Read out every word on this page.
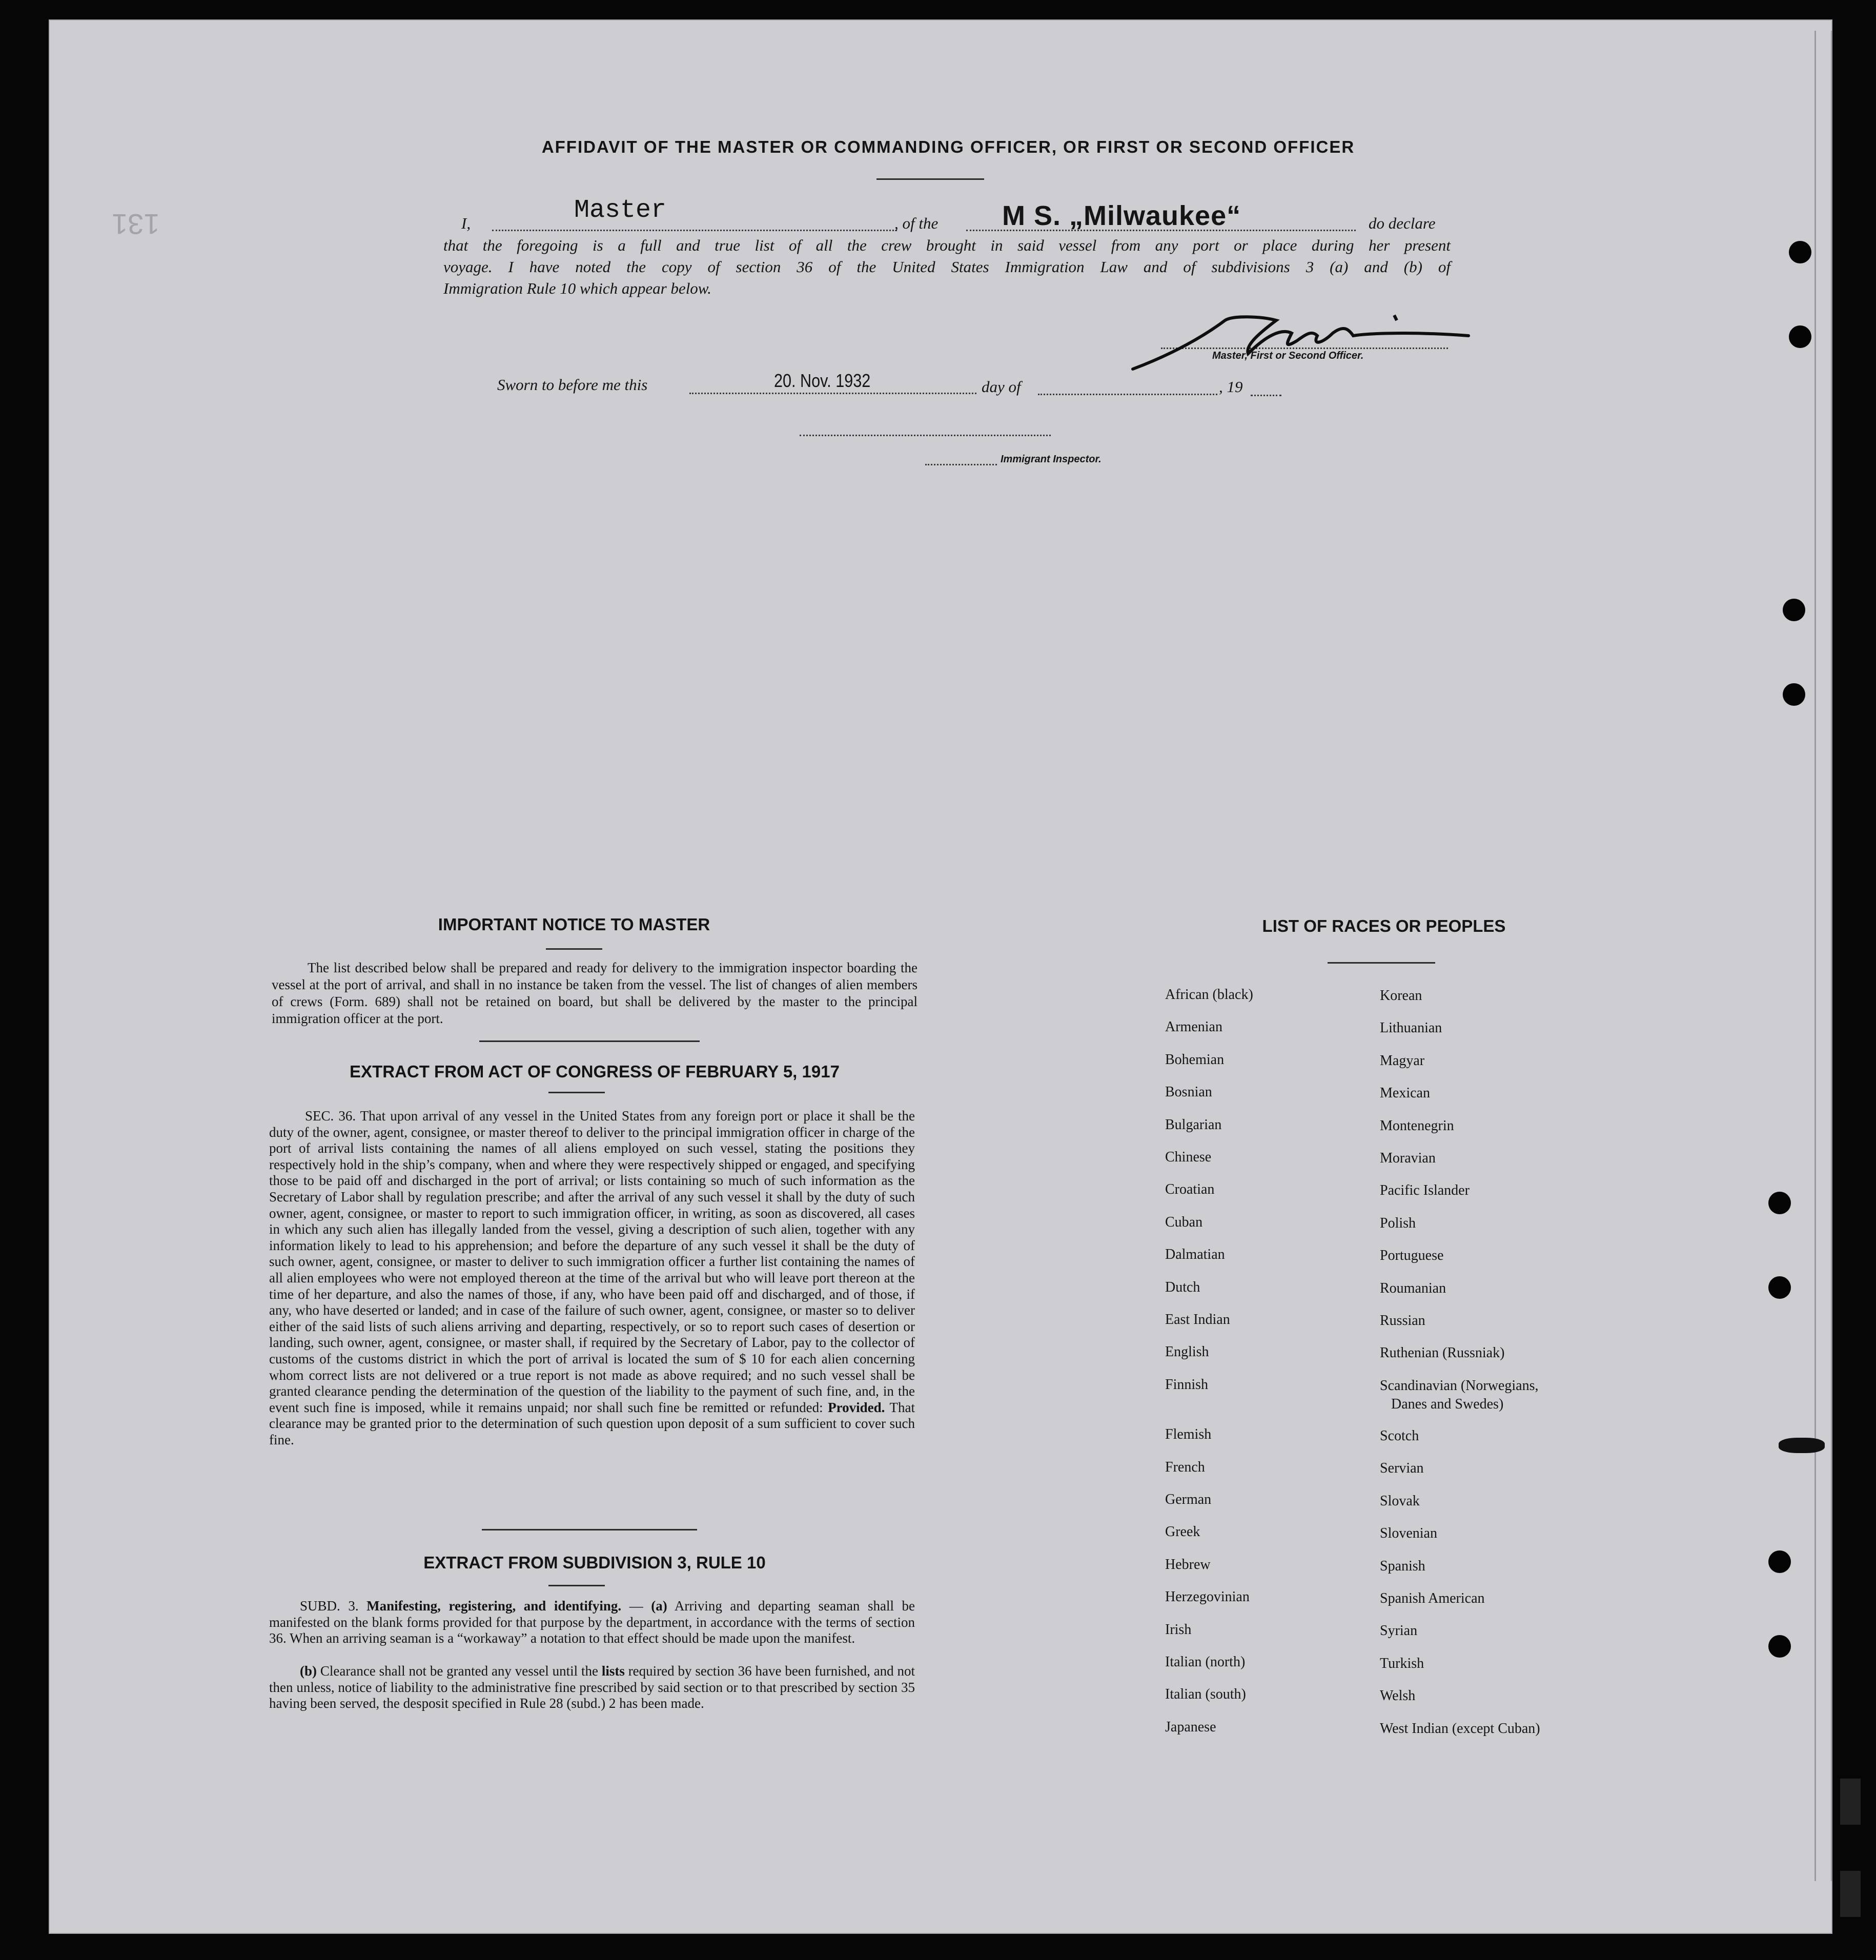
AFFIDAVIT OF THE MASTER OR COMMANDING OFFICER, OR FIRST OR SECOND OFFICER
131	I,	Master	, of the M S. „Milwaukee“	do declare
that the foregoing is a full and true list of all the crew brought in said vessel from any port or place during her present
voyage. I have noted the copy of section 36 of the United States Immigration Law and of subdivisions 3 (a) and (b) of
Immigration Rule 10 which appear below.
Master, First or Second Officer.
Sworn to before me this	20. Nov. 1932	day of	, 19
Immigrant Inspector.
IMPORTANT NOTICE TO MASTER
The list described below shall be prepared and ready for delivery to the immigration inspector boarding the vessel at the port of arrival, and shall in no instance be taken from the vessel. The list of changes of alien members of crews (Form. 689) shall not be retained on board, but shall be delivered by the master to the principal immigration officer at the port.
EXTRACT FROM ACT OF CONGRESS OF FEBRUARY 5, 1917
SEC. 36. That upon arrival of any vessel in the United States from any foreign port or place it shall be the duty of the owner, agent, consignee, or master thereof to deliver to the principal immigration officer in charge of the port of arrival lists containing the names of all aliens employed on such vessel, stating the positions they respectively hold in the ship’s company, when and where they were respectively shipped or engaged, and specifying those to be paid off and discharged in the port of arrival; or lists containing so much of such information as the Secretary of Labor shall by regulation prescribe; and after the arrival of any such vessel it shall by the duty of such owner, agent, consignee, or master to report to such immigration officer, in writing, as soon as discovered, all cases in which any such alien has illegally landed from the vessel, giving a description of such alien, together with any information likely to lead to his apprehension; and before the departure of any such vessel it shall be the duty of such owner, agent, consignee, or master to deliver to such immigration officer a further list containing the names of all alien employees who were not employed thereon at the time of the arrival but who will leave port thereon at the time of her departure, and also the names of those, if any, who have been paid off and discharged, and of those, if any, who have deserted or landed; and in case of the failure of such owner, agent, consignee, or master so to deliver either of the said lists of such aliens arriving and departing, respectively, or so to report such cases of desertion or landing, such owner, agent, consignee, or master shall, if required by the Secretary of Labor, pay to the collector of customs of the customs district in which the port of arrival is located the sum of $ 10 for each alien concerning whom correct lists are not delivered or a true report is not made as above required; and no such vessel shall be granted clearance pending the determination of the question of the liability to the payment of such fine, and, in the event such fine is imposed, while it remains unpaid; nor shall such fine be remitted or refunded: Provided. That clearance may be granted prior to the determination of such question upon deposit of a sum sufficient to cover such fine.
EXTRACT FROM SUBDIVISION 3, RULE 10
SUBD. 3. Manifesting, registering, and identifying. — (a) Arriving and departing seaman shall be manifested on the blank forms provided for that purpose by the department, in accordance with the terms of section 36. When an arriving seaman is a “workaway” a notation to that effect should be made upon the manifest.
(b) Clearance shall not be granted any vessel until the lists required by section 36 have been furnished, and not then unless, notice of liability to the administrative fine prescribed by said section or to that prescribed by section 35 having been served, the desposit specified in Rule 28 (subd.) 2 has been made.
LIST OF RACES OR PEOPLES
African (black)
Armenian
Bohemian
Bosnian
Bulgarian
Chinese
Croatian
Cuban
Dalmatian
Dutch
East Indian
English
Finnish
Flemish
French
German
Greek
Hebrew
Herzegovinian
Irish
Italian (north)
Italian (south)
Japanese
Korean
Lithuanian
Magyar
Mexican
Montenegrin
Moravian
Pacific Islander
Polish
Portuguese
Roumanian
Russian
Ruthenian (Russniak)
Scandinavian (Norwegians,
Danes and Swedes)
Scotch
Servian
Slovak
Slovenian
Spanish
Spanish American
Syrian
Turkish
Welsh
West Indian (except Cuban)
